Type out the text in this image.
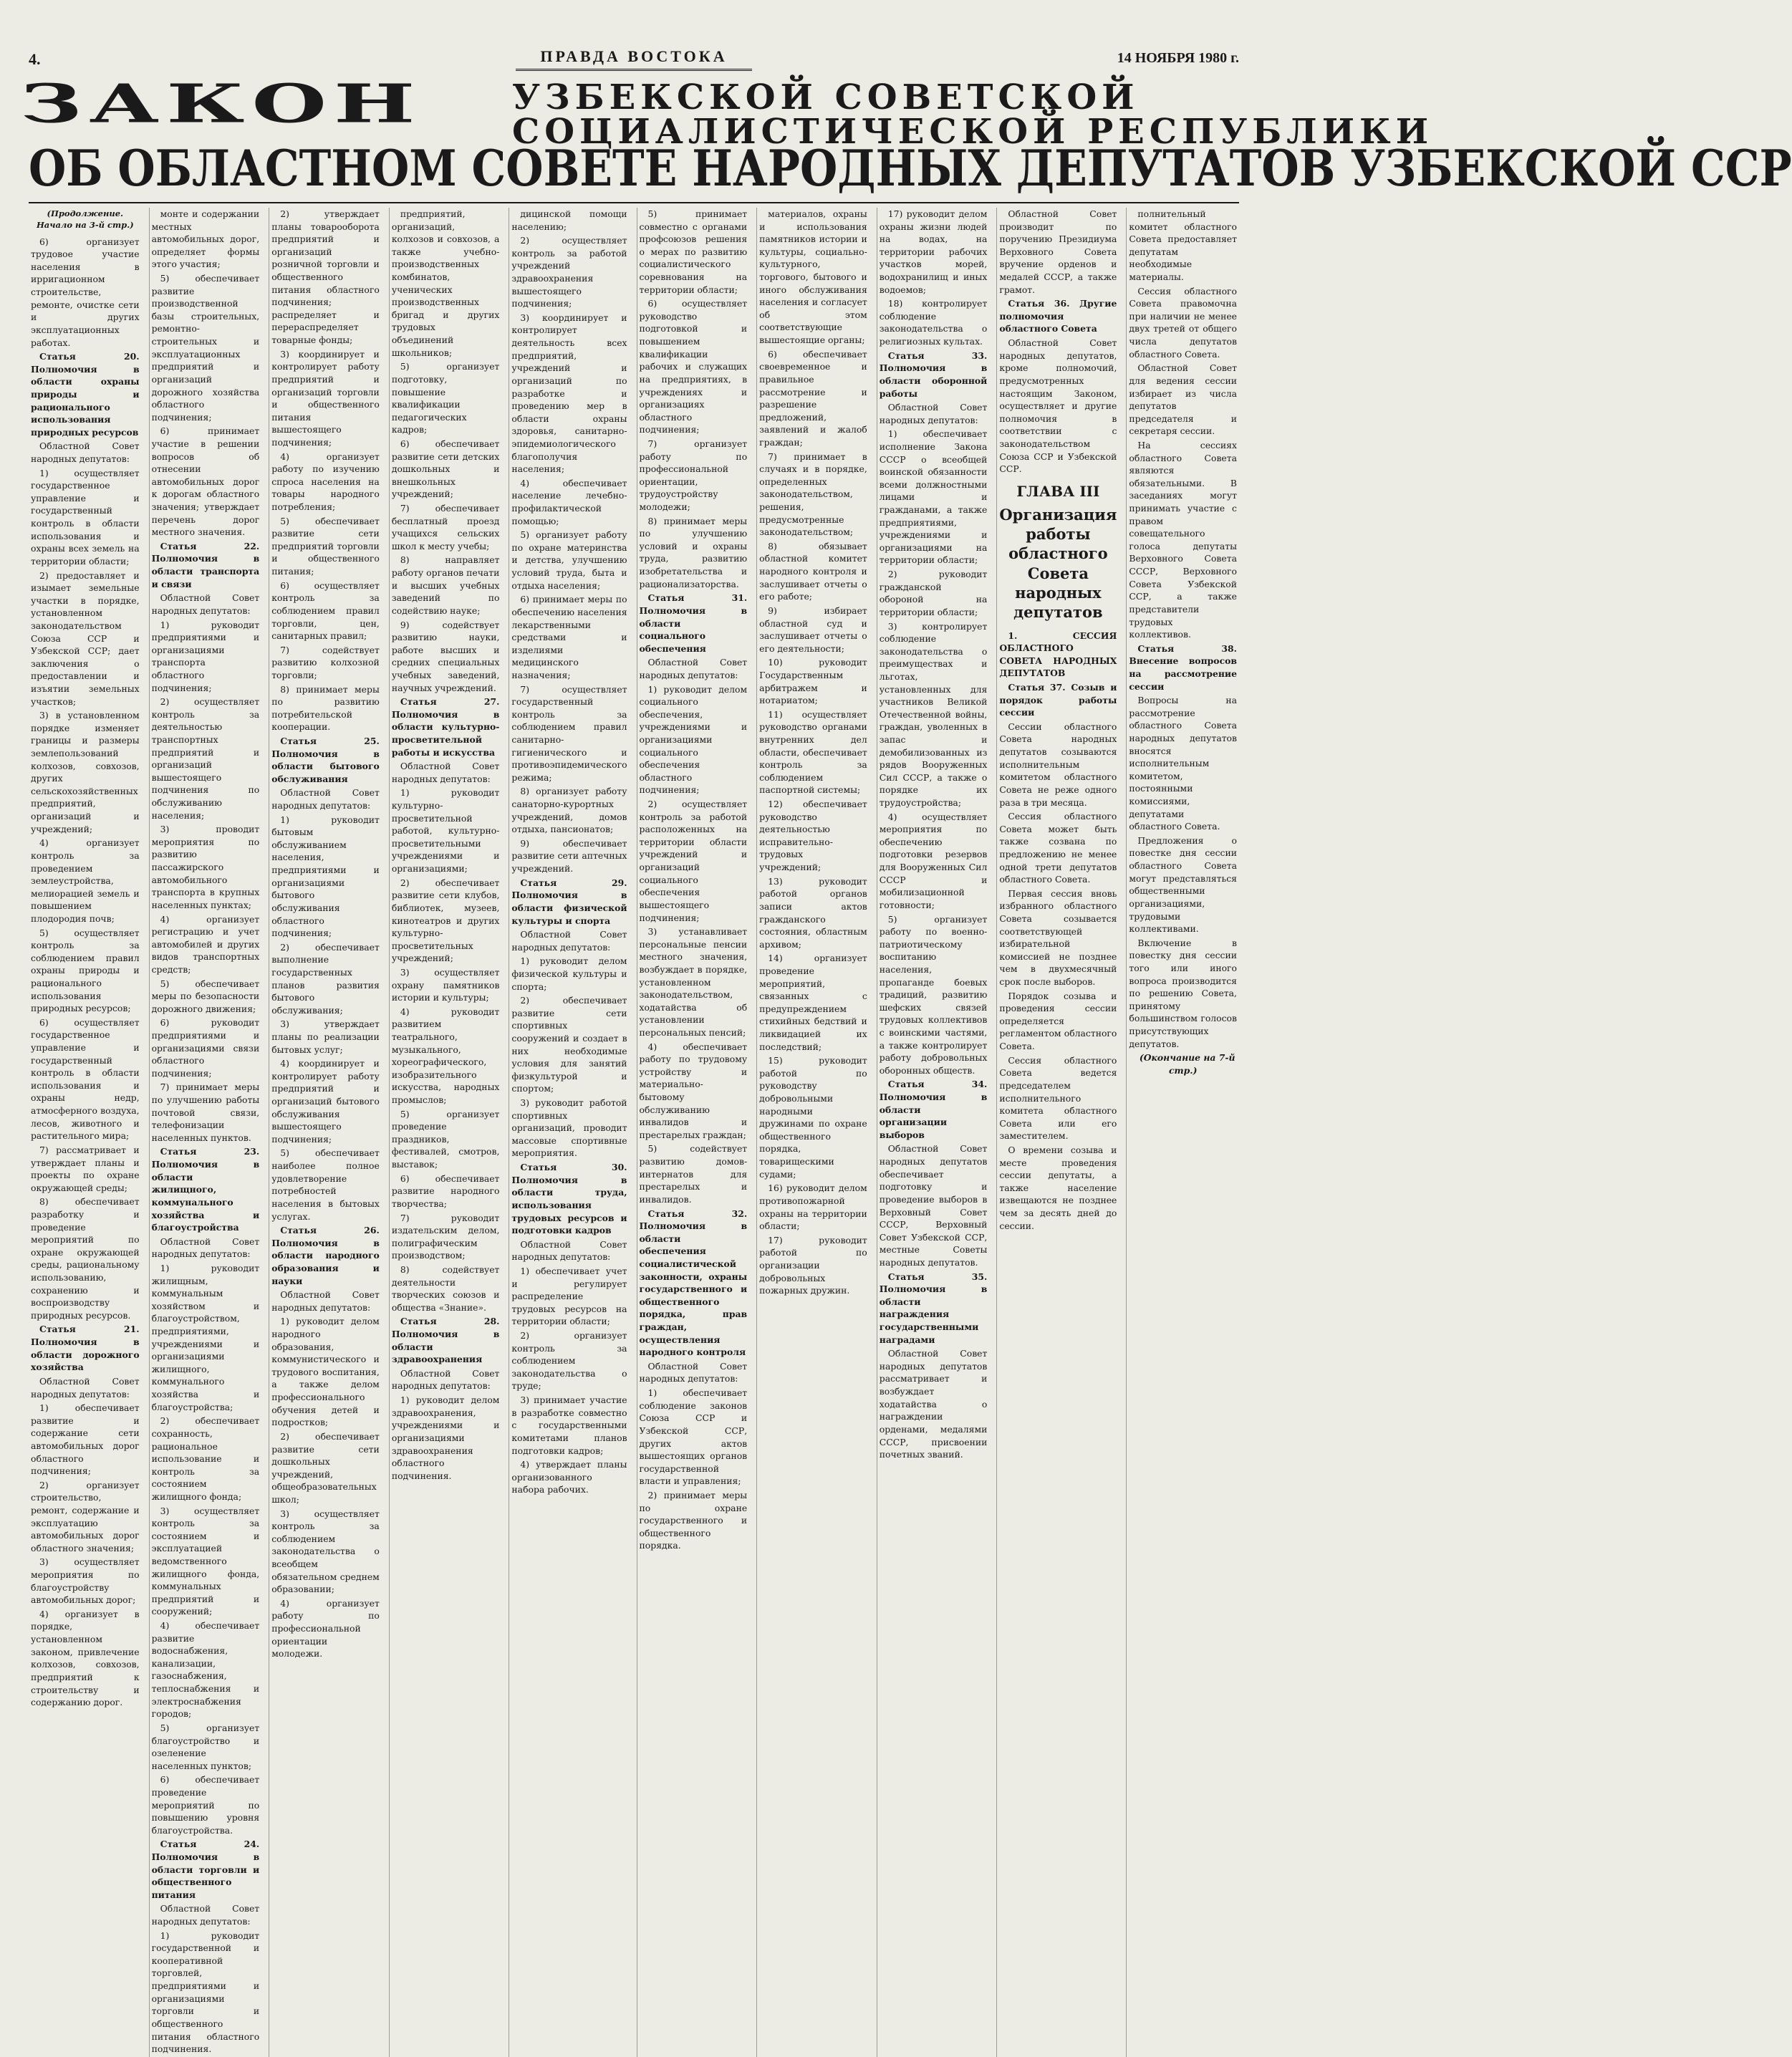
4.	ПРАВДА ВОСТОКА	14 НОЯБРЯ 1980 г.
ЗАКОН	УЗБЕКСКОЙ СОВЕТСКОЙ
СОЦИАЛИСТИЧЕСКОЙ РЕСПУБЛИКИ
ОБ ОБЛАСТНОМ СОВЕТЕ НАРОДНЫХ ДЕПУТАТОВ УЗБЕКСКОЙ ССР

(Продолжение. Начало на 3-й стр.)

6) организует трудовое участие населения в ирригационном строительстве, ремонте, очистке сети и других эксплуатационных работах.

Статья 20. Полномочия в области охраны природы и рационального использования природных ресурсов

Областной Совет народных депутатов:

1) осуществляет государственное управление и государственный контроль в области использования и охраны всех земель на территории области;

2) предоставляет и изымает земельные участки в порядке, установленном законодательством Союза ССР и Узбекской ССР; дает заключения о предоставлении и изъятии земельных участков;

3) в установленном порядке изменяет границы и размеры землепользований колхозов, совхозов, других сельскохозяйственных предприятий, организаций и учреждений;

4) организует контроль за проведением землеустройства, мелиорацией земель и повышением плодородия почв;

5) осуществляет контроль за соблюдением правил охраны природы и рационального использования природных ресурсов;

6) осуществляет государственное управление и государственный контроль в области использования и охраны недр, атмосферного воздуха, лесов, животного и растительного мира;

7) рассматривает и утверждает планы и проекты по охране окружающей среды;

8) обеспечивает разработку и проведение мероприятий по охране окружающей среды, рациональному использованию, сохранению и воспроизводству природных ресурсов.

Статья 21. Полномочия в области дорожного хозяйства

Областной Совет народных депутатов:

1) обеспечивает развитие и содержание сети автомобильных дорог областного подчинения;

2) организует строительство, ремонт, содержание и эксплуатацию автомобильных дорог областного значения;

3) осуществляет мероприятия по благоустройству автомобильных дорог;

4) организует в порядке, установленном законом, привлечение колхозов, совхозов, предприятий к строительству и содержанию дорог.

монте и содержании местных автомобильных дорог, определяет формы этого участия;

5) обеспечивает развитие производственной базы строительных, ремонтно-строительных и эксплуатационных предприятий и организаций дорожного хозяйства областного подчинения;

6) принимает участие в решении вопросов об отнесении автомобильных дорог к дорогам областного значения; утверждает перечень дорог местного значения.

Статья 22. Полномочия в области транспорта и связи

Областной Совет народных депутатов:

1) руководит предприятиями и организациями транспорта областного подчинения;

2) осуществляет контроль за деятельностью транспортных предприятий и организаций вышестоящего подчинения по обслуживанию населения;

3) проводит мероприятия по развитию пассажирского автомобильного транспорта в крупных населенных пунктах;

4) организует регистрацию и учет автомобилей и других видов транспортных средств;

5) обеспечивает меры по безопасности дорожного движения;

6) руководит предприятиями и организациями связи областного подчинения;

7) принимает меры по улучшению работы почтовой связи, телефонизации населенных пунктов.

Статья 23. Полномочия в области жилищного, коммунального хозяйства и благоустройства

Областной Совет народных депутатов:

1) руководит жилищным, коммунальным хозяйством и благоустройством, предприятиями, учреждениями и организациями жилищного, коммунального хозяйства и благоустройства;

2) обеспечивает сохранность, рациональное использование и контроль за состоянием жилищного фонда;

3) осуществляет контроль за состоянием и эксплуатацией ведомственного жилищного фонда, коммунальных предприятий и сооружений;

4) обеспечивает развитие водоснабжения, канализации, газоснабжения, теплоснабжения и электроснабжения городов;

5) организует благоустройство и озеленение населенных пунктов;

6) обеспечивает проведение мероприятий по повышению уровня благоустройства.

Статья 24. Полномочия в области торговли и общественного питания

Областной Совет народных депутатов:

1) руководит государственной и кооперативной торговлей, предприятиями и организациями торговли и общественного питания областного подчинения.

2) утверждает планы товарооборота предприятий и организаций розничной торговли и общественного питания областного подчинения; распределяет и перераспределяет товарные фонды;

3) координирует и контролирует работу предприятий и организаций торговли и общественного питания вышестоящего подчинения;

4) организует работу по изучению спроса населения на товары народного потребления;

5) обеспечивает развитие сети предприятий торговли и общественного питания;

6) осуществляет контроль за соблюдением правил торговли, цен, санитарных правил;

7) содействует развитию колхозной торговли;

8) принимает меры по развитию потребительской кооперации.

Статья 25. Полномочия в области бытового обслуживания

Областной Совет народных депутатов:

1) руководит бытовым обслуживанием населения, предприятиями и организациями бытового обслуживания областного подчинения;

2) обеспечивает выполнение государственных планов развития бытового обслуживания;

3) утверждает планы по реализации бытовых услуг;

4) координирует и контролирует работу предприятий и организаций бытового обслуживания вышестоящего подчинения;

5) обеспечивает наиболее полное удовлетворение потребностей населения в бытовых услугах.

Статья 26. Полномочия в области народного образования и науки

Областной Совет народных депутатов:

1) руководит делом народного образования, коммунистического и трудового воспитания, а также делом профессионального обучения детей и подростков;

2) обеспечивает развитие сети дошкольных учреждений, общеобразовательных школ;

3) осуществляет контроль за соблюдением законодательства о всеобщем обязательном среднем образовании;

4) организует работу по профессиональной ориентации молодежи.

предприятий, организаций, колхозов и совхозов, а также учебно-производственных комбинатов, ученических производственных бригад и других трудовых объединений школьников;

5) организует подготовку, повышение квалификации педагогических кадров;

6) обеспечивает развитие сети детских дошкольных и внешкольных учреждений;

7) обеспечивает бесплатный проезд учащихся сельских школ к месту учебы;

8) направляет работу органов печати и высших учебных заведений по содействию науке;

9) содействует развитию науки, работе высших и средних специальных учебных заведений, научных учреждений.

Статья 27. Полномочия в области культурно-просветительной работы и искусства

Областной Совет народных депутатов:

1) руководит культурно-просветительной работой, культурно-просветительными учреждениями и организациями;

2) обеспечивает развитие сети клубов, библиотек, музеев, кинотеатров и других культурно-просветительных учреждений;

3) осуществляет охрану памятников истории и культуры;

4) руководит развитием театрального, музыкального, хореографического, изобразительного искусства, народных промыслов;

5) организует проведение праздников, фестивалей, смотров, выставок;

6) обеспечивает развитие народного творчества;

7) руководит издательским делом, полиграфическим производством;

8) содействует деятельности творческих союзов и общества «Знание».

Статья 28. Полномочия в области здравоохранения

Областной Совет народных депутатов:

1) руководит делом здравоохранения, учреждениями и организациями здравоохранения областного подчинения.

дицинской помощи населению;

2) осуществляет контроль за работой учреждений здравоохранения вышестоящего подчинения;

3) координирует и контролирует деятельность всех предприятий, учреждений и организаций по разработке и проведению мер в области охраны здоровья, санитарно-эпидемиологического благополучия населения;

4) обеспечивает население лечебно-профилактической помощью;

5) организует работу по охране материнства и детства, улучшению условий труда, быта и отдыха населения;

6) принимает меры по обеспечению населения лекарственными средствами и изделиями медицинского назначения;

7) осуществляет государственный контроль за соблюдением правил санитарно-гигиенического и противоэпидемического режима;

8) организует работу санаторно-курортных учреждений, домов отдыха, пансионатов;

9) обеспечивает развитие сети аптечных учреждений.

Статья 29. Полномочия в области физической культуры и спорта

Областной Совет народных депутатов:

1) руководит делом физической культуры и спорта;

2) обеспечивает развитие сети спортивных сооружений и создает в них необходимые условия для занятий физкультурой и спортом;

3) руководит работой спортивных организаций, проводит массовые спортивные мероприятия.

Статья 30. Полномочия в области труда, использования трудовых ресурсов и подготовки кадров

Областной Совет народных депутатов:

1) обеспечивает учет и регулирует распределение трудовых ресурсов на территории области;

2) организует контроль за соблюдением законодательства о труде;

3) принимает участие в разработке совместно с государственными комитетами планов подготовки кадров;

4) утверждает планы организованного набора рабочих.

5) принимает совместно с органами профсоюзов решения о мерах по развитию социалистического соревнования на территории области;

6) осуществляет руководство подготовкой и повышением квалификации рабочих и служащих на предприятиях, в учреждениях и организациях областного подчинения;

7) организует работу по профессиональной ориентации, трудоустройству молодежи;

8) принимает меры по улучшению условий и охраны труда, развитию изобретательства и рационализаторства.

Статья 31. Полномочия в области социального обеспечения

Областной Совет народных депутатов:

1) руководит делом социального обеспечения, учреждениями и организациями социального обеспечения областного подчинения;

2) осуществляет контроль за работой расположенных на территории области учреждений и организаций социального обеспечения вышестоящего подчинения;

3) устанавливает персональные пенсии местного значения, возбуждает в порядке, установленном законодательством, ходатайства об установлении персональных пенсий;

4) обеспечивает работу по трудовому устройству и материально-бытовому обслуживанию инвалидов и престарелых граждан;

5) содействует развитию домов-интернатов для престарелых и инвалидов.

Статья 32. Полномочия в области обеспечения социалистической законности, охраны государственного и общественного порядка, прав граждан, осуществления народного контроля

Областной Совет народных депутатов:

1) обеспечивает соблюдение законов Союза ССР и Узбекской ССР, других актов вышестоящих органов государственной власти и управления;

2) принимает меры по охране государственного и общественного порядка.

материалов, охраны и использования памятников истории и культуры, социально-культурного, торгового, бытового и иного обслуживания населения и согласует об этом соответствующие вышестоящие органы;

6) обеспечивает своевременное и правильное рассмотрение и разрешение предложений, заявлений и жалоб граждан;

7) принимает в случаях и в порядке, определенных законодательством, решения, предусмотренные законодательством;

8) обязывает областной комитет народного контроля и заслушивает отчеты о его работе;

9) избирает областной суд и заслушивает отчеты о его деятельности;

10) руководит Государственным арбитражем и нотариатом;

11) осуществляет руководство органами внутренних дел области, обеспечивает контроль за соблюдением паспортной системы;

12) обеспечивает руководство деятельностью исправительно-трудовых учреждений;

13) руководит работой органов записи актов гражданского состояния, областным архивом;

14) организует проведение мероприятий, связанных с предупреждением стихийных бедствий и ликвидацией их последствий;

15) руководит работой по руководству добровольными народными дружинами по охране общественного порядка, товарищескими судами;

16) руководит делом противопожарной охраны на территории области;

17) руководит работой по организации добровольных пожарных дружин.

17) руководит делом охраны жизни людей на водах, на территории рабочих участков морей, водохранилищ и иных водоемов;

18) контролирует соблюдение законодательства о религиозных культах.

Статья 33. Полномочия в области оборонной работы

Областной Совет народных депутатов:

1) обеспечивает исполнение Закона СССР о всеобщей воинской обязанности всеми должностными лицами и гражданами, а также предприятиями, учреждениями и организациями на территории области;

2) руководит гражданской обороной на территории области;

3) контролирует соблюдение законодательства о преимуществах и льготах, установленных для участников Великой Отечественной войны, граждан, уволенных в запас и демобилизованных из рядов Вооруженных Сил СССР, а также о порядке их трудоустройства;

4) осуществляет мероприятия по обеспечению подготовки резервов для Вооруженных Сил СССР и мобилизационной готовности;

5) организует работу по военно-патриотическому воспитанию населения, пропаганде боевых традиций, развитию шефских связей трудовых коллективов с воинскими частями, а также контролирует работу добровольных оборонных обществ.

Статья 34. Полномочия в области организации выборов

Областной Совет народных депутатов обеспечивает подготовку и проведение выборов в Верховный Совет СССР, Верховный Совет Узбекской ССР, местные Советы народных депутатов.

Статья 35. Полномочия в области награждения государственными наградами

Областной Совет народных депутатов рассматривает и возбуждает ходатайства о награждении орденами, медалями СССР, присвоении почетных званий.

Областной Совет производит по поручению Президиума Верховного Совета вручение орденов и медалей СССР, а также грамот.

Статья 36. Другие полномочия областного Совета

Областной Совет народных депутатов, кроме полномочий, предусмотренных настоящим Законом, осуществляет и другие полномочия в соответствии с законодательством Союза ССР и Узбекской ССР.

ГЛАВА III
Организация работы областного Совета народных депутатов

1. СЕССИЯ ОБЛАСТНОГО СОВЕТА НАРОДНЫХ ДЕПУТАТОВ

Статья 37. Созыв и порядок работы сессии

Сессии областного Совета народных депутатов созываются исполнительным комитетом областного Совета не реже одного раза в три месяца.

Сессия областного Совета может быть также созвана по предложению не менее одной трети депутатов областного Совета.

Первая сессия вновь избранного областного Совета созывается соответствующей избирательной комиссией не позднее чем в двухмесячный срок после выборов.

Порядок созыва и проведения сессии определяется регламентом областного Совета.

Сессия областного Совета ведется председателем исполнительного комитета областного Совета или его заместителем.

О времени созыва и месте проведения сессии депутаты, а также население извещаются не позднее чем за десять дней до сессии.

полнительный комитет областного Совета предоставляет депутатам необходимые материалы.

Сессия областного Совета правомочна при наличии не менее двух третей от общего числа депутатов областного Совета.

Областной Совет для ведения сессии избирает из числа депутатов председателя и секретаря сессии.

На сессиях областного Совета являются обязательными. В заседаниях могут принимать участие с правом совещательного голоса депутаты Верховного Совета СССР, Верховного Совета Узбекской ССР, а также представители трудовых коллективов.

Статья 38. Внесение вопросов на рассмотрение сессии

Вопросы на рассмотрение областного Совета народных депутатов вносятся исполнительным комитетом, постоянными комиссиями, депутатами областного Совета.

Предложения о повестке дня сессии областного Совета могут представляться общественными организациями, трудовыми коллективами.

Включение в повестку дня сессии того или иного вопроса производится по решению Совета, принятому большинством голосов присутствующих депутатов.

(Окончание на 7-й стр.)
